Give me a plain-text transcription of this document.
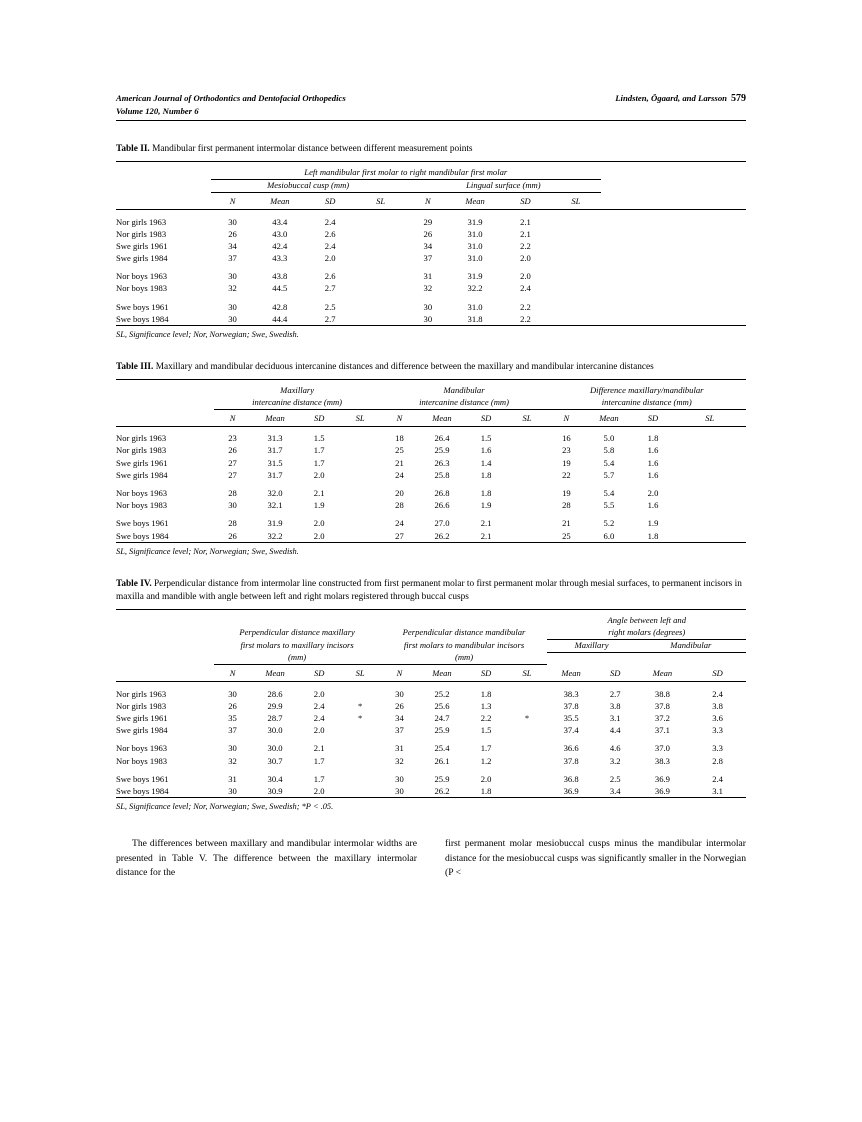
American Journal of Orthodontics and Dentofacial Orthopedics
Volume 120, Number 6
Lindsten, Ögaard, and Larsson 579
Table II. Mandibular first permanent intermolar distance between different measurement points

	Left mandibular first molar to right mandibular first molar								
	Mesiobuccal cusp (mm)				Lingual surface (mm)				
	N	Mean	SD	SL	N	Mean	SD	SL	

Nor girls 1963	30	43.4	2.4		29	31.9	2.1		
Nor girls 1983	26	43.0	2.6		26	31.0	2.1		
Swe girls 1961	34	42.4	2.4		34	31.0	2.2		
Swe girls 1984	37	43.3	2.0		37	31.0	2.0		

Nor boys 1963	30	43.8	2.6		31	31.9	2.0		
Nor boys 1983	32	44.5	2.7		32	32.2	2.4		

Swe boys 1961	30	42.8	2.5		30	31.0	2.2		
Swe boys 1984	30	44.4	2.7		30	31.8	2.2		
SL, Significance level; Nor, Norwegian; Swe, Swedish.
Table III. Maxillary and mandibular deciduous intercanine distances and difference between the maxillary and mandibular intercanine distances

	Maxillary				Mandibular				Difference maxillary/mandibular			
	intercanine distance (mm)				intercanine distance (mm)				intercanine distance (mm)			
	N	Mean	SD	SL	N	Mean	SD	SL	N	Mean	SD	SL

Nor girls 1963	23	31.3	1.5		18	26.4	1.5		16	5.0	1.8	
Nor girls 1983	26	31.7	1.7		25	25.9	1.6		23	5.8	1.6	
Swe girls 1961	27	31.5	1.7		21	26.3	1.4		19	5.4	1.6	
Swe girls 1984	27	31.7	2.0		24	25.8	1.8		22	5.7	1.6	

Nor boys 1963	28	32.0	2.1		20	26.8	1.8		19	5.4	2.0	
Nor boys 1983	30	32.1	1.9		28	26.6	1.9		28	5.5	1.6	

Swe boys 1961	28	31.9	2.0		24	27.0	2.1		21	5.2	1.9	
Swe boys 1984	26	32.2	2.0		27	26.2	2.1		25	6.0	1.8	
SL, Significance level; Nor, Norwegian; Swe, Swedish.
Table IV. Perpendicular distance from intermolar line constructed from first permanent molar to first permanent molar through mesial surfaces, to permanent incisors in maxilla and mandible with angle between left and right molars registered through buccal cusps

									Angle between left and			
	Perpendicular distance maxillary				Perpendicular distance mandibular				right molars (degrees)			
	first molars to maxillary incisors				first molars to mandibular incisors				Maxillary		Mandibular	
	(mm)				(mm)							
	N	Mean	SD	SL	N	Mean	SD	SL	Mean	SD	Mean	SD

Nor girls 1963	30	28.6	2.0		30	25.2	1.8		38.3	2.7	38.8	2.4
Nor girls 1983	26	29.9	2.4	*	26	25.6	1.3		37.8	3.8	37.8	3.8
Swe girls 1961	35	28.7	2.4	*	34	24.7	2.2	*	35.5	3.1	37.2	3.6
Swe girls 1984	37	30.0	2.0		37	25.9	1.5		37.4	4.4	37.1	3.3

Nor boys 1963	30	30.0	2.1		31	25.4	1.7		36.6	4.6	37.0	3.3
Nor boys 1983	32	30.7	1.7		32	26.1	1.2		37.8	3.2	38.3	2.8

Swe boys 1961	31	30.4	1.7		30	25.9	2.0		36.8	2.5	36.9	2.4
Swe boys 1984	30	30.9	2.0		30	26.2	1.8		36.9	3.4	36.9	3.1
SL, Significance level; Nor, Norwegian; Swe, Swedish; *P < .05.
The differences between maxillary and mandibular intermolar widths are presented in Table V. The difference between the maxillary intermolar distance for the
first permanent molar mesiobuccal cusps minus the mandibular intermolar distance for the mesiobuccal cusps was significantly smaller in the Norwegian (P <
